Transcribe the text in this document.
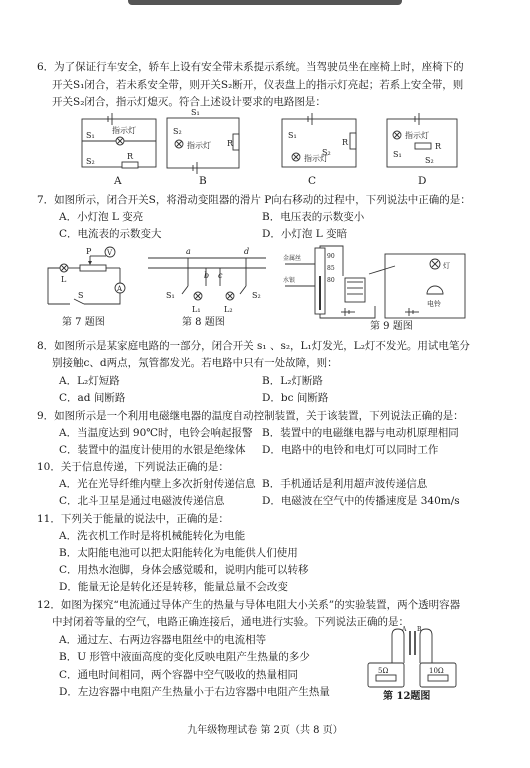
6．为了保证行车安全，轿车上设有安全带未系提示系统。当驾驶员坐在座椅上时，座椅下的
开关S₁闭合，若未系安全带，则开关S₂断开，仪表盘上的指示灯亮起；若系上安全带，则
开关S₂闭合，指示灯熄灭。符合上述设计要求的电路图是：
指示灯
S₁
S₂
R
A
S₁
S₂
指示灯 R
B
S₁
R
指示灯
S₂
C
指示灯
R
S₁
S₂
D
7．如图所示，闭合开关S，将滑动变阻器的滑片 P向右移动的过程中，下列说法中正确的是：
A．小灯泡 L 变亮	B．电压表的示数变小
C．电流表的示数变大	D．小灯泡 L 变暗
P
L
S
V
A
第 7 题图
a
b c
d
S₁	S₂
L₁	L₂
第 8 题图
金属丝
水银
90
85
80
灯
电铃
第 9 题图
8．如图所示是某家庭电路的一部分，闭合开关 s₁ 、s₂，L₁灯发光，L₂灯不发光。用试电笔分
别接触c、d两点，氖管都发光。若电路中只有一处故障，则：
A．L₂灯短路	B．L₂灯断路
C．ad 间断路	D．bc 间断路
9．如图所示是一个利用电磁继电器的温度自动控制装置，关于该装置，下列说法正确的是：
A．当温度达到 90℃时，电铃会响起报警 B．装置中的电磁继电器与电动机原理相同
C．装置中的温度计使用的水银是绝缘体 D．电路中的电铃和电灯可以同时工作
10．关于信息传递，下列说法正确的是：
A．光在光导纤维内壁上多次折射传递信息 B．手机通话是利用超声波传递信息
C．北斗卫星是通过电磁波传递信息	D．电磁波在空气中的传播速度是 340m/s
11．下列关于能量的说法中，正确的是：
A．洗衣机工作时是将机械能转化为电能
B．太阳能电池可以把太阳能转化为电能供人们使用
C．用热水泡脚，身体会感觉暖和，说明内能可以转移
D．能量无论是转化还是转移，能量总量不会改变
12．如图为探究“电流通过导体产生的热量与导体电阻大小关系”的实验装置，两个透明容器
中封闭着等量的空气，电路正确连接后，通电进行实验。下列说法正确的是：
A．通过左、右两边容器电阻丝中的电流相等
B．U 形管中液面高度的变化反映电阻产生热量的多少
C．通电时间相同，两个容器中空气吸收的热量相同
D．左边容器中电阻产生热量小于右边容器中电阻产生热量
5Ω	10Ω
A B
第 12题图
九年级物理试卷 第 2页（共 8 页）
